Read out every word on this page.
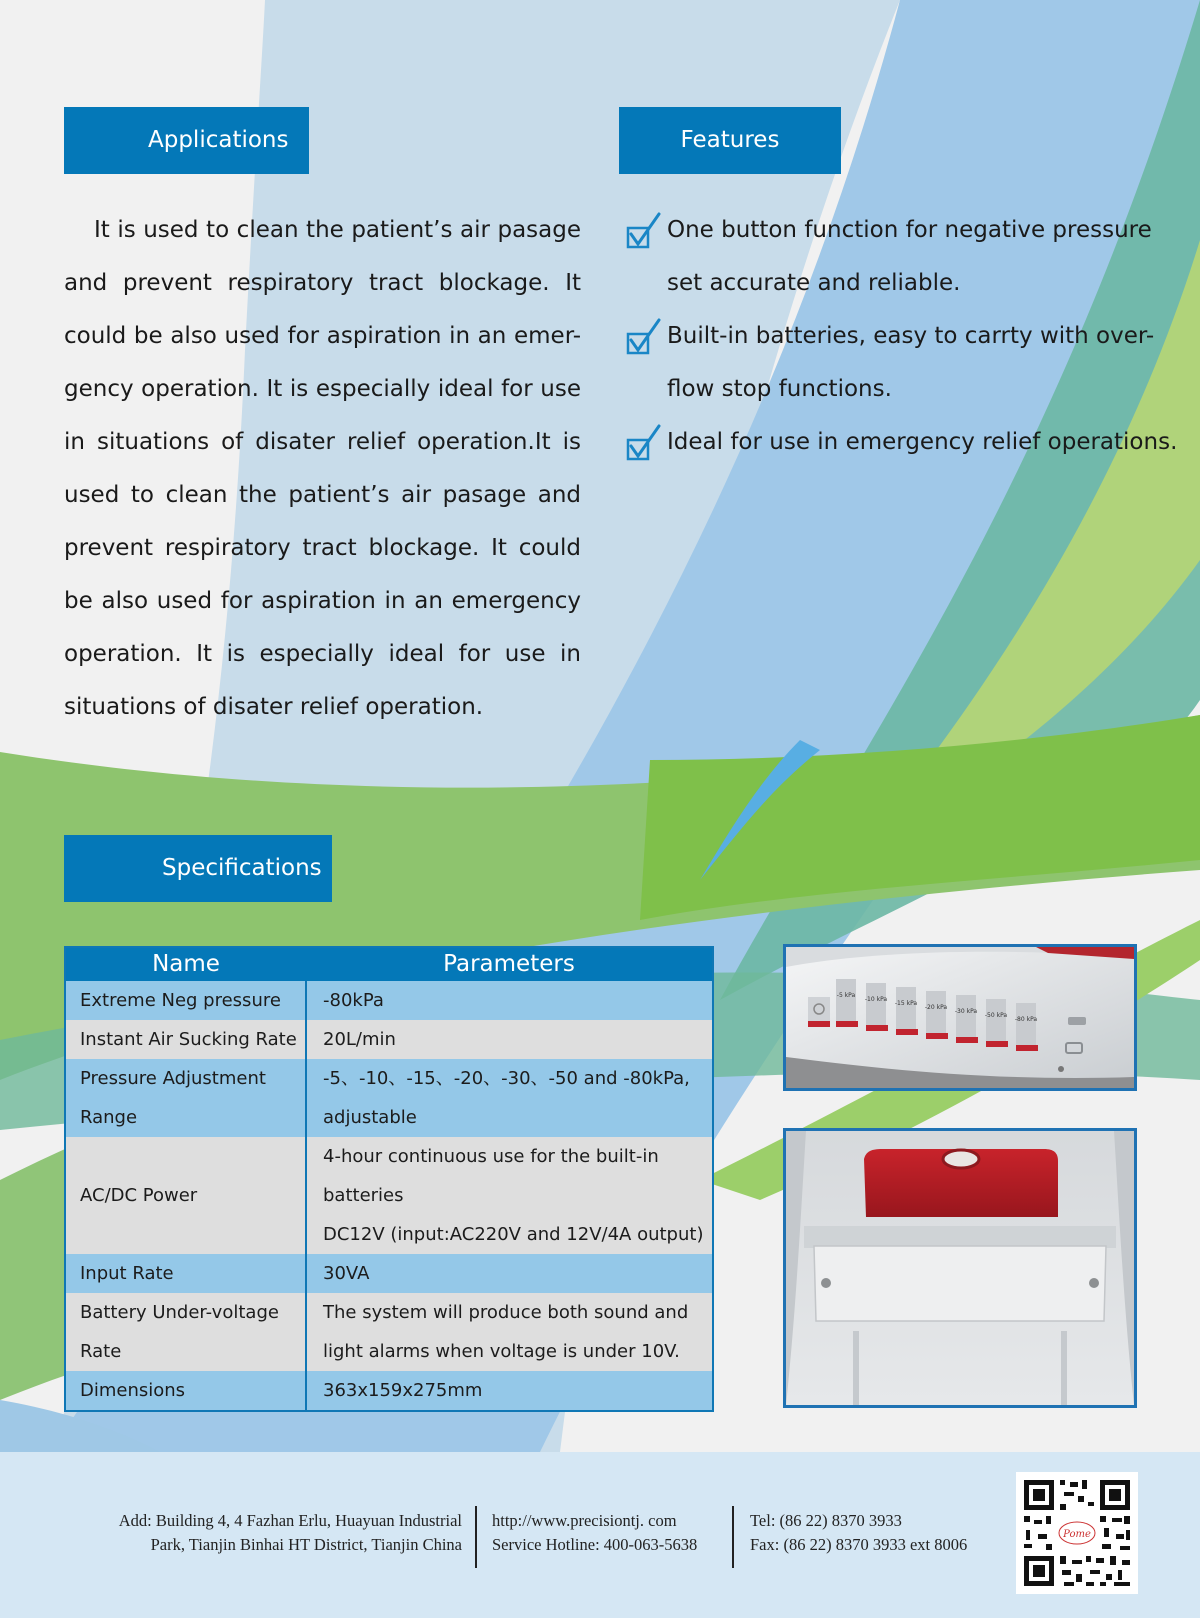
Applications	Features

It is used to clean the patient’s air pasage and prevent respiratory tract blockage. It could be also used for aspiration in an emer- gency operation. It is especially ideal for use in situations of disater relief operation.It is used to clean the patient’s air pasage and prevent respiratory tract blockage. It could be also used for aspiration in an emergency operation. It is especially ideal for use in situations of disater relief operation.

One button function for negative pressure set accurate and reliable.
Built-in batteries, easy to carrty with over- flow stop functions.
Ideal for use in emergency relief operations.
Specifications
Name	Parameters
Extreme Neg pressure	-80kPa
Instant Air Sucking Rate	20L/min
Pressure Adjustment Range	-5、-10、-15、-20、-30、-50 and -80kPa, adjustable
AC/DC Power	4-hour continuous use for the built-in batteries
DC12V (input:AC220V and 12V/4A output)

Input Rate	30VA
Battery Under-voltage Rate	The system will produce both sound and light alarms when voltage is under 10V.
Dimensions	363x159x275mm
-5 kPa
-10 kPa
-15 kPa
-20 kPa
-30 kPa
-50 kPa
-80 kPa
Add: Building 4, 4 Fazhan Erlu, Huayuan Industrial
Park, Tianjin Binhai HT District, Tianjin China
http://www.precisiontj. com
Service Hotline: 400-063-5638
Tel: (86 22) 8370 3933
Fax: (86 22) 8370 3933 ext 8006
Pome
